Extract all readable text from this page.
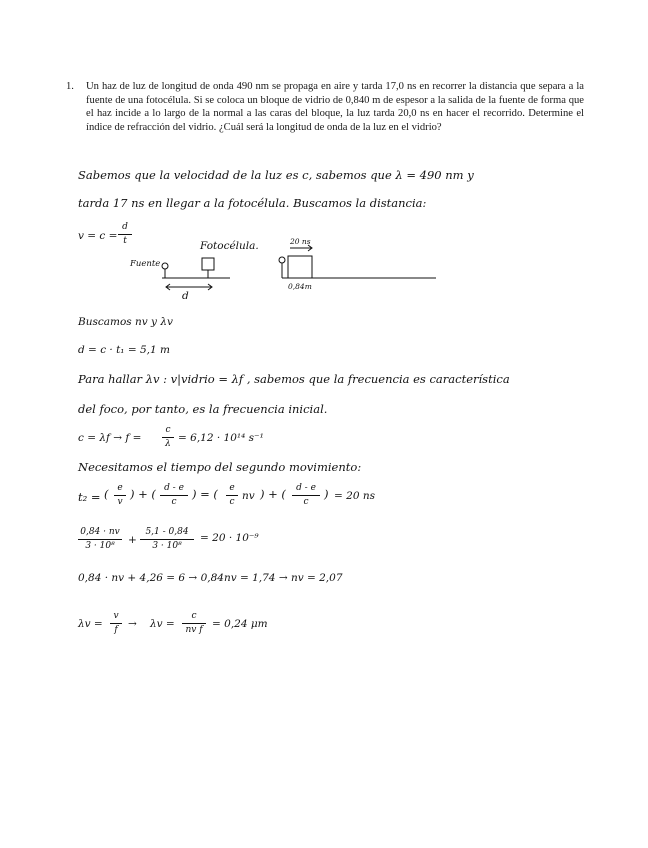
1. Un haz de luz de longitud de onda 490 nm se propaga en aire y tarda 17,0 ns en recorrer la distancia que separa a la fuente de una fotocélula. Si se coloca un bloque de vidrio de 0,840 m de espesor a la salida de la fuente de forma que el haz incide a lo largo de la normal a las caras del bloque, la luz tarda 20,0 ns en hacer el recorrido. Determine el índice de refracción del vidrio. ¿Cuál será la longitud de onda de la luz en el vidrio?
Sabemos que la velocidad de la luz es c, sabemos que λ = 490 nm y
tarda 17 ns en llegar a la fotocélula. Buscamos la distancia:
v = c =
d
t
Fuente
Fotocélula.
d
20 ns
0,84m
Buscamos nv y λv
d = c · t₁ = 5,1 m
Para hallar λv : v|vidrio = λf , sabemos que la frecuencia es característica
del foco, por tanto, es la frecuencia inicial.
c = λf → f =
c
λ = 6,12 · 10¹⁴ s⁻¹
Necesitamos el tiempo del segundo movimiento:
t₂ = ( e
v
) + ( d - e
c
) = (	e
c nv ) + (	d - e
c
) = 20 ns
0,84 · nv
3 · 10⁸	+
5,1 - 0,84
3 · 10⁸
= 20 · 10⁻⁹
0,84 · nv + 4,26 = 6 → 0,84nv = 1,74 → nv = 2,07
λv =
v
f → λv =
c
nv f = 0,24 μm
